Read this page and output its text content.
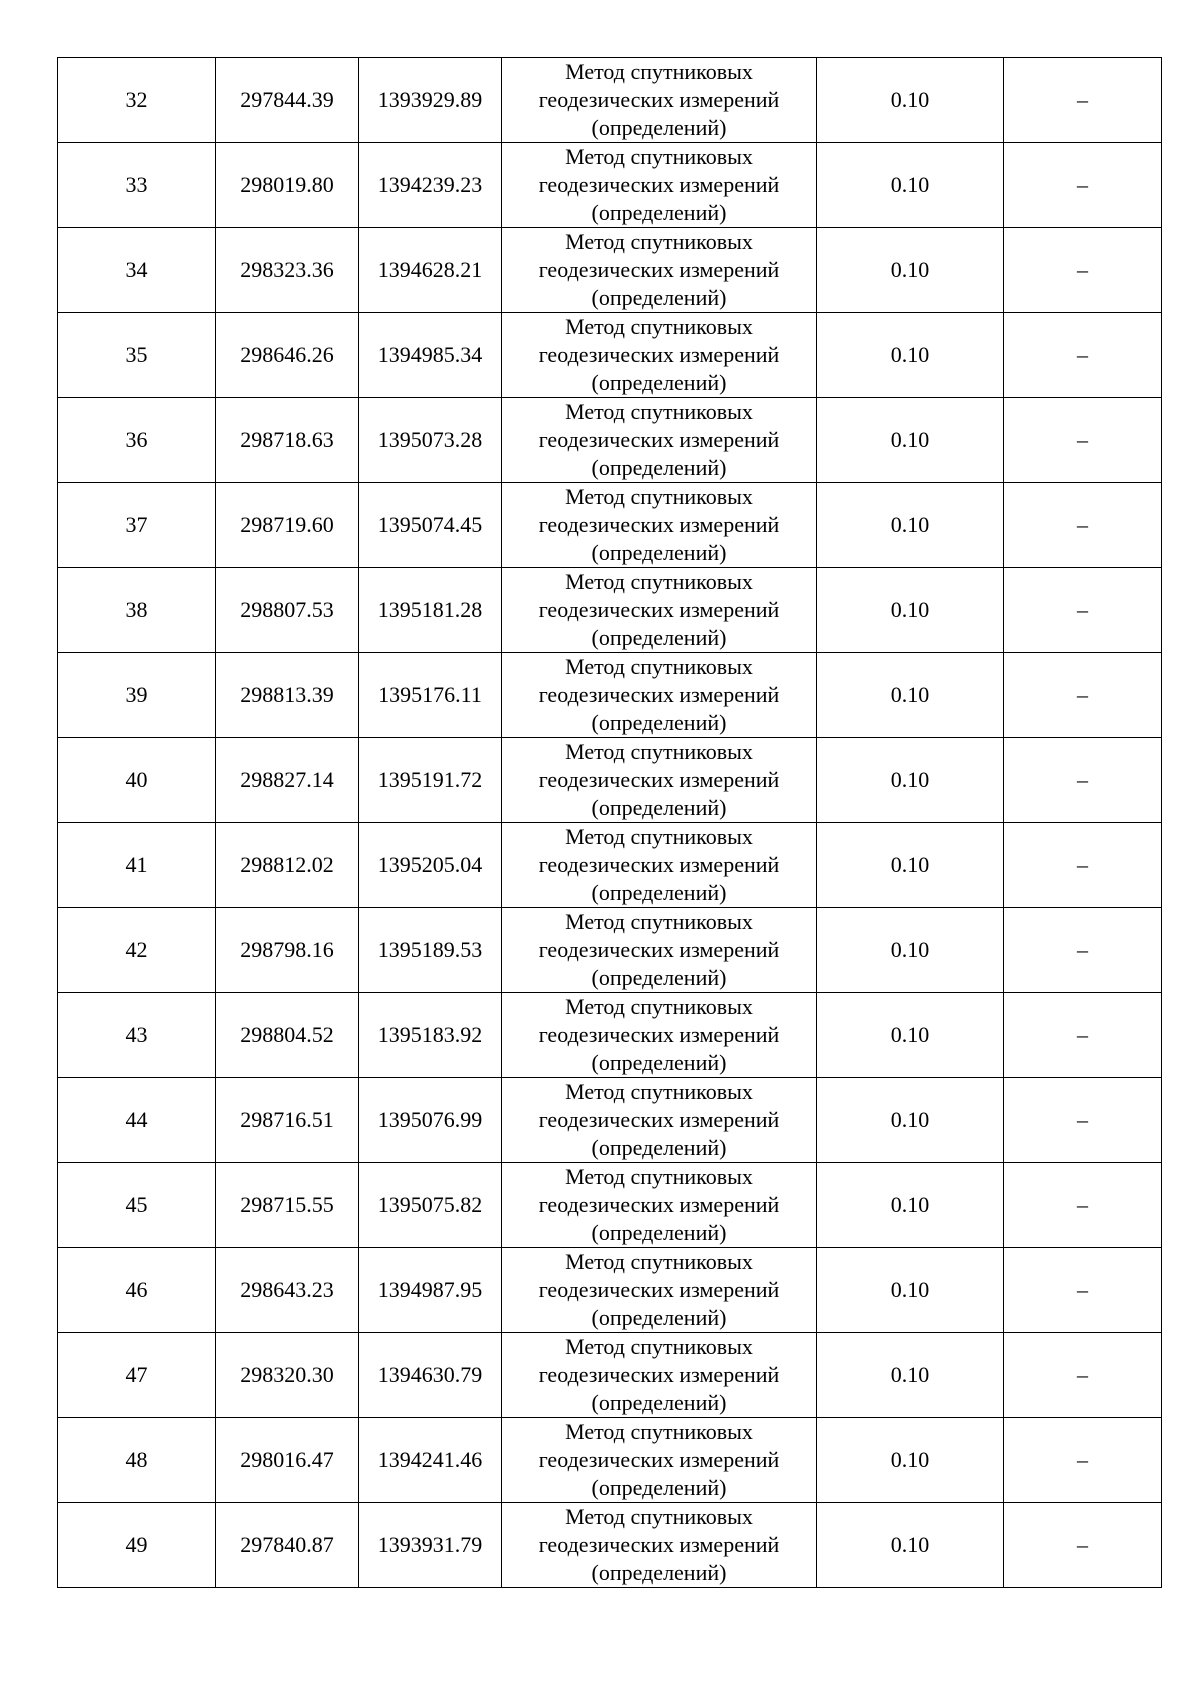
32	297844.39	1393929.89	Метод спутниковых
геодезических измерений
(определений)	0.10	–
33	298019.80	1394239.23	Метод спутниковых
геодезических измерений
(определений)	0.10	–
34	298323.36	1394628.21	Метод спутниковых
геодезических измерений
(определений)	0.10	–
35	298646.26	1394985.34	Метод спутниковых
геодезических измерений
(определений)	0.10	–
36	298718.63	1395073.28	Метод спутниковых
геодезических измерений
(определений)	0.10	–
37	298719.60	1395074.45	Метод спутниковых
геодезических измерений
(определений)	0.10	–
38	298807.53	1395181.28	Метод спутниковых
геодезических измерений
(определений)	0.10	–
39	298813.39	1395176.11	Метод спутниковых
геодезических измерений
(определений)	0.10	–
40	298827.14	1395191.72	Метод спутниковых
геодезических измерений
(определений)	0.10	–
41	298812.02	1395205.04	Метод спутниковых
геодезических измерений
(определений)	0.10	–
42	298798.16	1395189.53	Метод спутниковых
геодезических измерений
(определений)	0.10	–
43	298804.52	1395183.92	Метод спутниковых
геодезических измерений
(определений)	0.10	–
44	298716.51	1395076.99	Метод спутниковых
геодезических измерений
(определений)	0.10	–
45	298715.55	1395075.82	Метод спутниковых
геодезических измерений
(определений)	0.10	–
46	298643.23	1394987.95	Метод спутниковых
геодезических измерений
(определений)	0.10	–
47	298320.30	1394630.79	Метод спутниковых
геодезических измерений
(определений)	0.10	–
48	298016.47	1394241.46	Метод спутниковых
геодезических измерений
(определений)	0.10	–
49	297840.87	1393931.79	Метод спутниковых
геодезических измерений
(определений)	0.10	–
